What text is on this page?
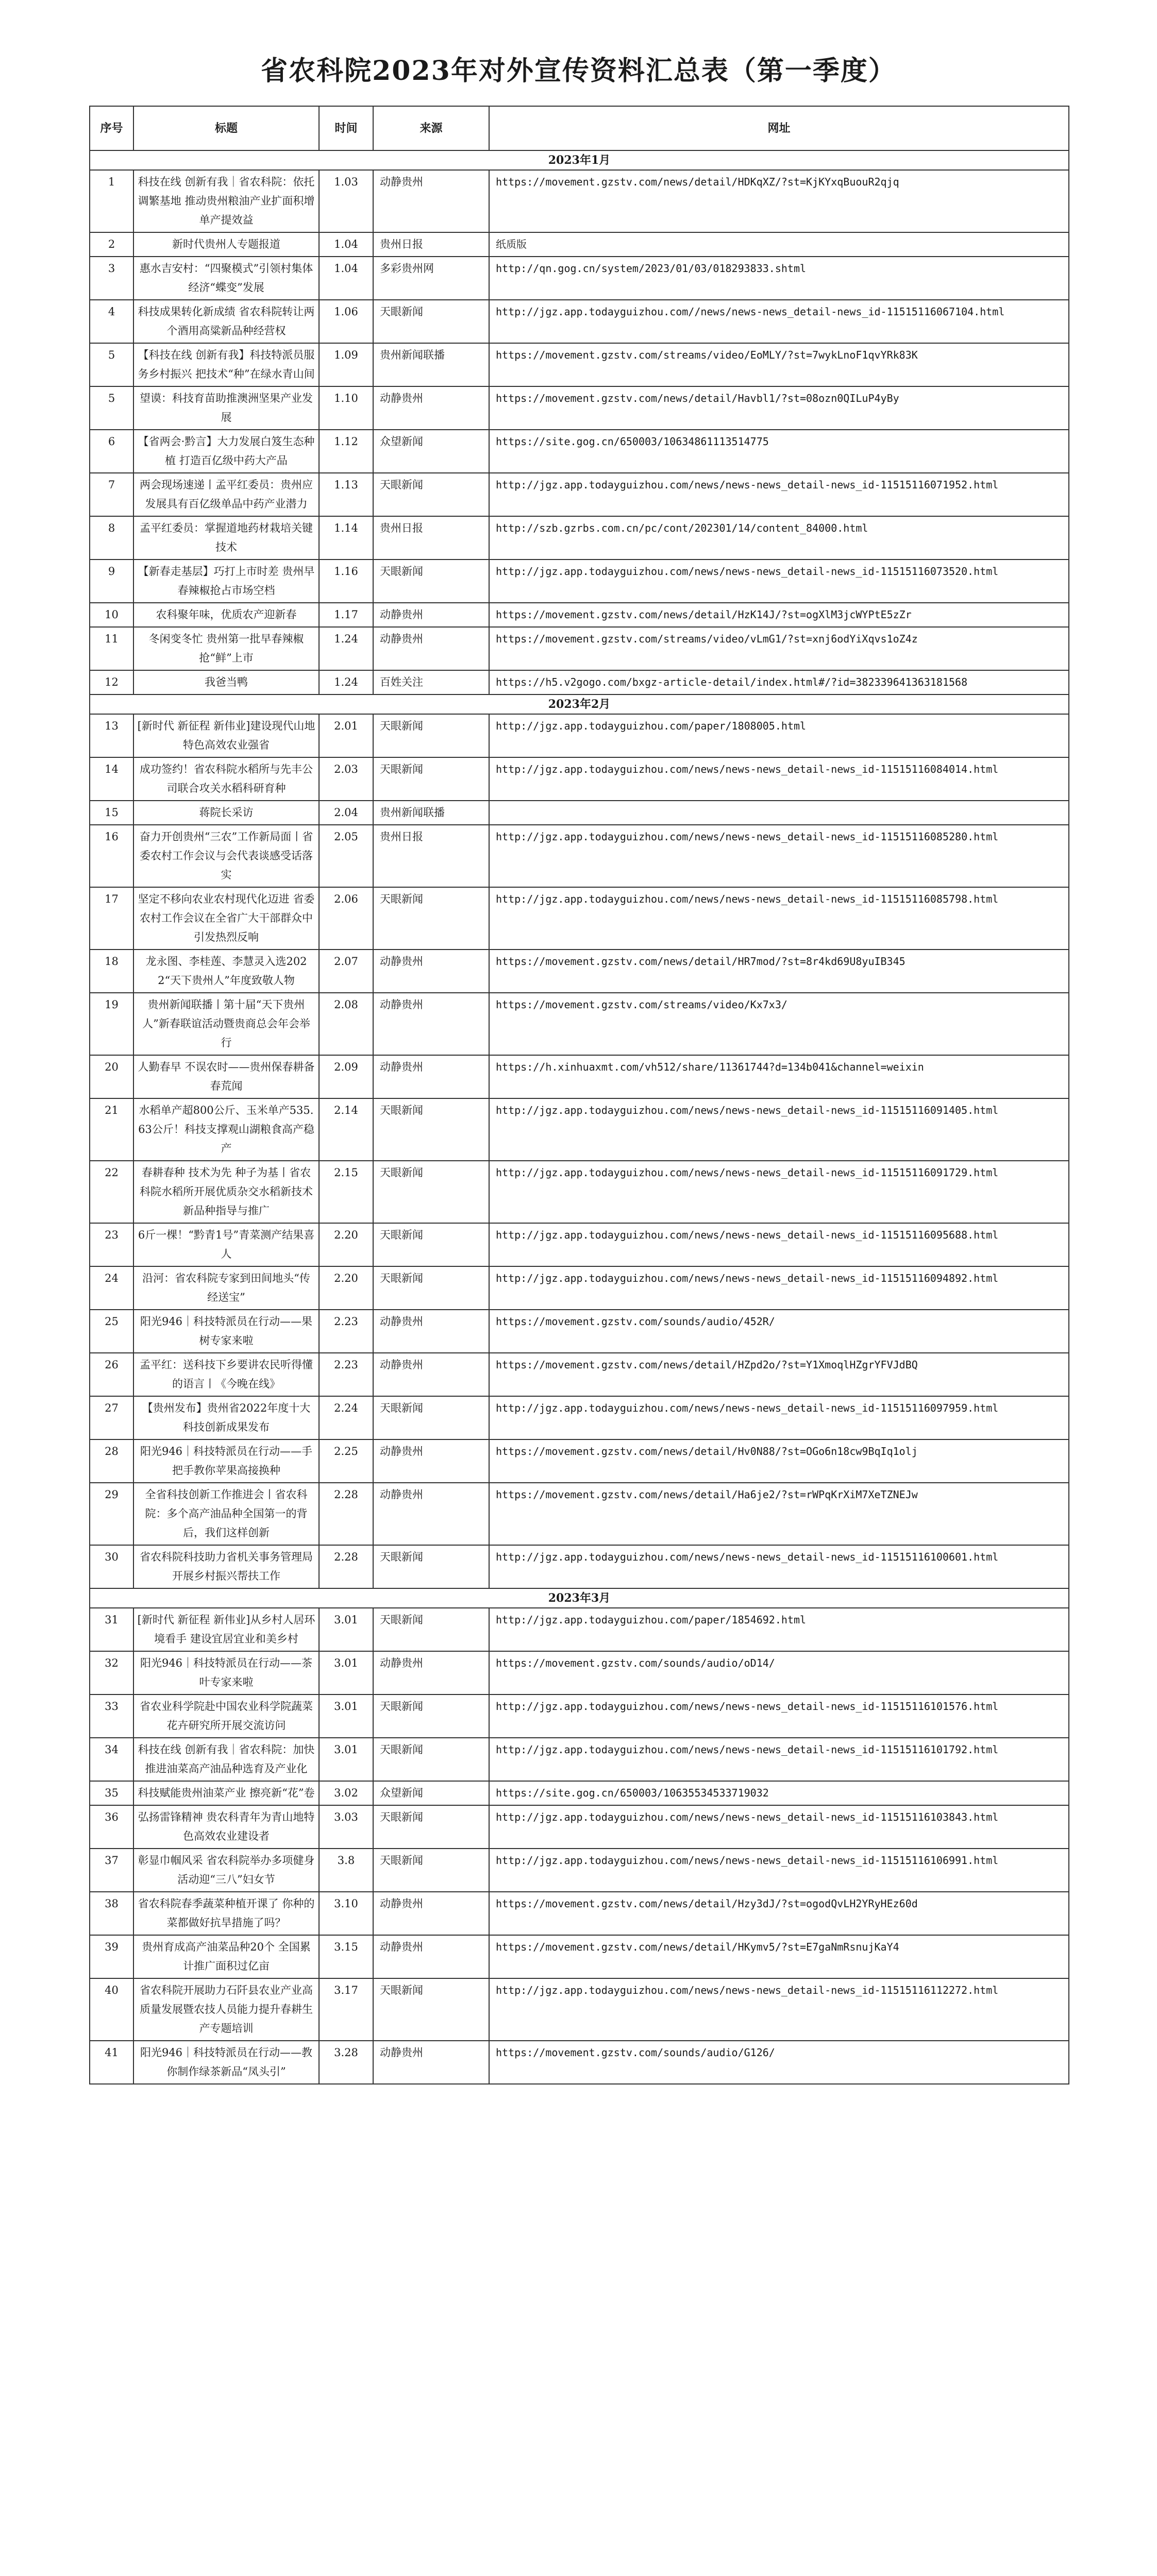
省农科院2023年对外宣传资料汇总表（第一季度）
序号	标题	时间	来源	网址
2023年1月				
1	科技在线 创新有我｜省农科院：依托调繁基地 推动贵州粮油产业扩面积增单产提效益	1.03	动静贵州	https://movement.gzstv.com/news/detail/HDKqXZ/?st=KjKYxqBuouR2qjq
2	新时代贵州人专题报道	1.04	贵州日报	纸质版
3	惠水吉安村：“四聚模式”引领村集体经济“蝶变”发展	1.04	多彩贵州网	http://qn.gog.cn/system/2023/01/03/018293833.shtml
4	科技成果转化新成绩 省农科院转让两个酒用高粱新品种经营权	1.06	天眼新闻	http://jgz.app.todayguizhou.com//news/news-news_detail-news_id-11515116067104.html
5	【科技在线 创新有我】科技特派员服务乡村振兴 把技术“种”在绿水青山间	1.09	贵州新闻联播	https://movement.gzstv.com/streams/video/EoMLY/?st=7wykLnoF1qvYRk83K
5	望谟：科技育苗助推澳洲坚果产业发展	1.10	动静贵州	https://movement.gzstv.com/news/detail/Havbl1/?st=08ozn0QILuP4yBy
6	【省两会·黔言】大力发展白笈生态种植 打造百亿级中药大产品	1.12	众望新闻	https://site.gog.cn/650003/10634861113514775
7	两会现场速递丨孟平红委员：贵州应发展具有百亿级单品中药产业潜力	1.13	天眼新闻	http://jgz.app.todayguizhou.com/news/news-news_detail-news_id-11515116071952.html
8	孟平红委员：掌握道地药材栽培关键技术	1.14	贵州日报	http://szb.gzrbs.com.cn/pc/cont/202301/14/content_84000.html
9	【新春走基层】巧打上市时差 贵州早春辣椒抢占市场空档	1.16	天眼新闻	http://jgz.app.todayguizhou.com/news/news-news_detail-news_id-11515116073520.html
10	农科聚年味，优质农产迎新春	1.17	动静贵州	https://movement.gzstv.com/news/detail/HzK14J/?st=ogXlM3jcWYPtE5zZr
11	冬闲变冬忙 贵州第一批早春辣椒抢“鲜”上市	1.24	动静贵州	https://movement.gzstv.com/streams/video/vLmG1/?st=xnj6odYiXqvs1oZ4z
12	我爸当鸭	1.24	百姓关注	https://h5.v2gogo.com/bxgz-article-detail/index.html#/?id=382339641363181568
2023年2月				
13	[新时代 新征程 新伟业]建设现代山地特色高效农业强省	2.01	天眼新闻	http://jgz.app.todayguizhou.com/paper/1808005.html
14	成功签约！省农科院水稻所与先丰公司联合攻关水稻科研育种	2.03	天眼新闻	http://jgz.app.todayguizhou.com/news/news-news_detail-news_id-11515116084014.html
15	蒋院长采访	2.04	贵州新闻联播	
16	奋力开创贵州“三农”工作新局面丨省委农村工作会议与会代表谈感受话落实	2.05	贵州日报	http://jgz.app.todayguizhou.com/news/news-news_detail-news_id-11515116085280.html
17	坚定不移向农业农村现代化迈进 省委农村工作会议在全省广大干部群众中引发热烈反响	2.06	天眼新闻	http://jgz.app.todayguizhou.com/news/news-news_detail-news_id-11515116085798.html
18	龙永图、李桂莲、李慧灵入选2022“天下贵州人”年度致敬人物	2.07	动静贵州	https://movement.gzstv.com/news/detail/HR7mod/?st=8r4kd69U8yuIB345
19	贵州新闻联播丨第十届“天下贵州人”新春联谊活动暨贵商总会年会举行	2.08	动静贵州	https://movement.gzstv.com/streams/video/Kx7x3/
20	人勤春早 不误农时——贵州保春耕备春荒闻	2.09	动静贵州	https://h.xinhuaxmt.com/vh512/share/11361744?d=134b041&channel=weixin
21	水稻单产超800公斤、玉米单产535.63公斤！科技支撑观山湖粮食高产稳产	2.14	天眼新闻	http://jgz.app.todayguizhou.com/news/news-news_detail-news_id-11515116091405.html
22	春耕春种 技术为先 种子为基丨省农科院水稻所开展优质杂交水稻新技术新品种指导与推广	2.15	天眼新闻	http://jgz.app.todayguizhou.com/news/news-news_detail-news_id-11515116091729.html
23	6斤一棵！“黔青1号”青菜测产结果喜人	2.20	天眼新闻	http://jgz.app.todayguizhou.com/news/news-news_detail-news_id-11515116095688.html
24	沿河：省农科院专家到田间地头“传经送宝”	2.20	天眼新闻	http://jgz.app.todayguizhou.com/news/news-news_detail-news_id-11515116094892.html
25	阳光946｜科技特派员在行动——果树专家来啦	2.23	动静贵州	https://movement.gzstv.com/sounds/audio/452R/
26	孟平红：送科技下乡要讲农民听得懂的语言丨《今晚在线》	2.23	动静贵州	https://movement.gzstv.com/news/detail/HZpd2o/?st=Y1XmoqlHZgrYFVJdBQ
27	【贵州发布】贵州省2022年度十大科技创新成果发布	2.24	天眼新闻	http://jgz.app.todayguizhou.com/news/news-news_detail-news_id-11515116097959.html
28	阳光946｜科技特派员在行动——手把手教你苹果高接换种	2.25	动静贵州	https://movement.gzstv.com/news/detail/Hv0N88/?st=OGo6n18cw9BqIq1olj
29	全省科技创新工作推进会丨省农科院：多个高产油品种全国第一的背后，我们这样创新	2.28	动静贵州	https://movement.gzstv.com/news/detail/Ha6je2/?st=rWPqKrXiM7XeTZNEJw
30	省农科院科技助力省机关事务管理局开展乡村振兴帮扶工作	2.28	天眼新闻	http://jgz.app.todayguizhou.com/news/news-news_detail-news_id-11515116100601.html
2023年3月				
31	[新时代 新征程 新伟业]从乡村人居环境看手 建设宜居宜业和美乡村	3.01	天眼新闻	http://jgz.app.todayguizhou.com/paper/1854692.html
32	阳光946｜科技特派员在行动——茶叶专家来啦	3.01	动静贵州	https://movement.gzstv.com/sounds/audio/oD14/
33	省农业科学院赴中国农业科学院蔬菜花卉研究所开展交流访问	3.01	天眼新闻	http://jgz.app.todayguizhou.com/news/news-news_detail-news_id-11515116101576.html
34	科技在线 创新有我｜省农科院：加快推进油菜高产油品种选育及产业化	3.01	天眼新闻	http://jgz.app.todayguizhou.com/news/news-news_detail-news_id-11515116101792.html
35	科技赋能贵州油菜产业 擦亮新“花”卷	3.02	众望新闻	https://site.gog.cn/650003/10635534533719032
36	弘扬雷锋精神 贵农科青年为青山地特色高效农业建设者	3.03	天眼新闻	http://jgz.app.todayguizhou.com/news/news-news_detail-news_id-11515116103843.html
37	彰显巾帼风采 省农科院举办多项健身活动迎“三八”妇女节	3.8	天眼新闻	http://jgz.app.todayguizhou.com/news/news-news_detail-news_id-11515116106991.html
38	省农科院春季蔬菜种植开课了 你种的菜都做好抗旱措施了吗？	3.10	动静贵州	https://movement.gzstv.com/news/detail/Hzy3dJ/?st=ogodQvLH2YRyHEz60d
39	贵州育成高产油菜品种20个 全国累计推广面积过亿亩	3.15	动静贵州	https://movement.gzstv.com/news/detail/HKymv5/?st=E7gaNmRsnujKaY4
40	省农科院开展助力石阡县农业产业高质量发展暨农技人员能力提升春耕生产专题培训	3.17	天眼新闻	http://jgz.app.todayguizhou.com/news/news-news_detail-news_id-11515116112272.html
41	阳光946｜科技特派员在行动——教你制作绿茶新品“凤头引”	3.28	动静贵州	https://movement.gzstv.com/sounds/audio/G126/
